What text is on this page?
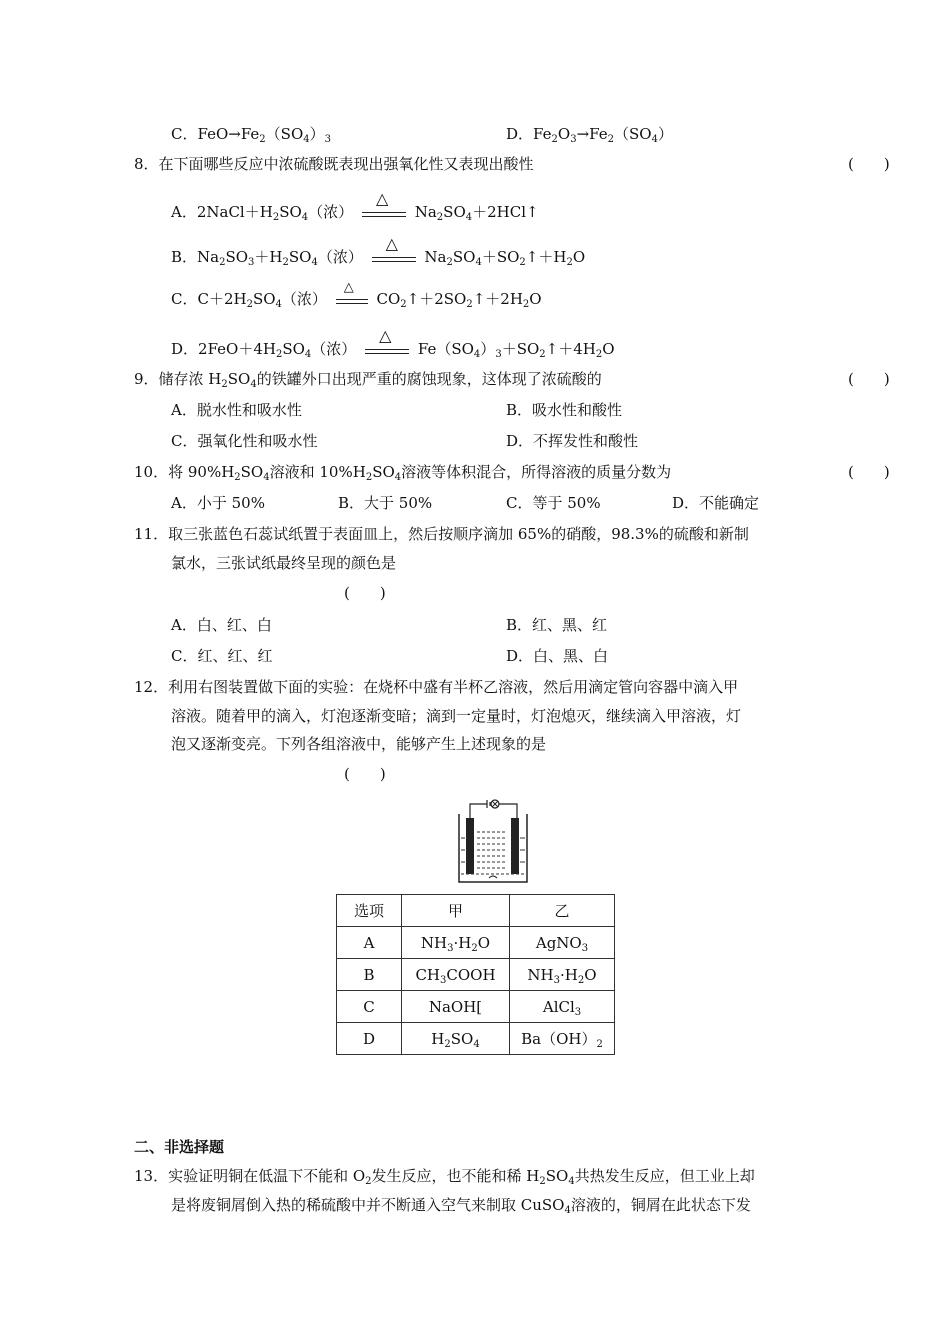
C．$FeO\to Fe_2(SO_4)_3$	D．$Fe_2O_3\to Fe_2(SO_4)$
8．在下面哪些反应中浓硫酸既表现出强氧化性又表现出酸性	(　　)
A．$2NaCl+H_2SO_4$（浓）
△
$Na_2SO_4+2HCl↑$
B．$Na_2SO_3+H_2SO_4$（浓）
△
$Na_2SO_4+SO_2↑+H_2O$
C．$C+2H_2SO_4$（浓）
△
$CO_2↑+2SO_2↑+2H_2O$
D．$2FeO+4H_2SO_4$（浓）
△
$Fe(SO_4)_3+SO_2↑+4H_2O$
9．储存浓 $H_2SO_4$的铁罐外口出现严重的腐蚀现象，这体现了浓硫酸的	(　　)
A．脱水性和吸水性	B．吸水性和酸性
C．强氧化性和吸水性	D．不挥发性和酸性
10．将 $90\%H_2SO_4$溶液和 $10\%H_2SO_4$溶液等体积混合，所得溶液的质量分数为	(　　)
A．小于 50%	B．大于 50%	C．等于 50%	D．不能确定
11．取三张蓝色石蕊试纸置于表面皿上，然后按顺序滴加 65%的硝酸，98.3%的硫酸和新制
氯水，三张试纸最终呈现的颜色是
(　　)
A．白、红、白	B．红、黑、红
C．红、红、红	D．白、黑、白
12．利用右图装置做下面的实验：在烧杯中盛有半杯乙溶液，然后用滴定管向容器中滴入甲
溶液。随着甲的滴入，灯泡逐渐变暗；滴到一定量时，灯泡熄灭，继续滴入甲溶液，灯
泡又逐渐变亮。下列各组溶液中，能够产生上述现象的是
(　　)
选项	甲	乙
A	$NH_3\cdot H_2O$	AgNO$_3$
B	$CH_3COOH$	$NH_3\cdot H_2O$
C	NaOH[	AlCl$_3$
D	$H_2SO_4$	$Ba(OH)_2$
二、非选择题
13．实验证明铜在低温下不能和 $O_2$发生反应，也不能和稀 $H_2SO_4$共热发生反应，但工业上却
是将废铜屑倒入热的稀硫酸中并不断通入空气来制取 CuSO$_4$溶液的，铜屑在此状态下发
